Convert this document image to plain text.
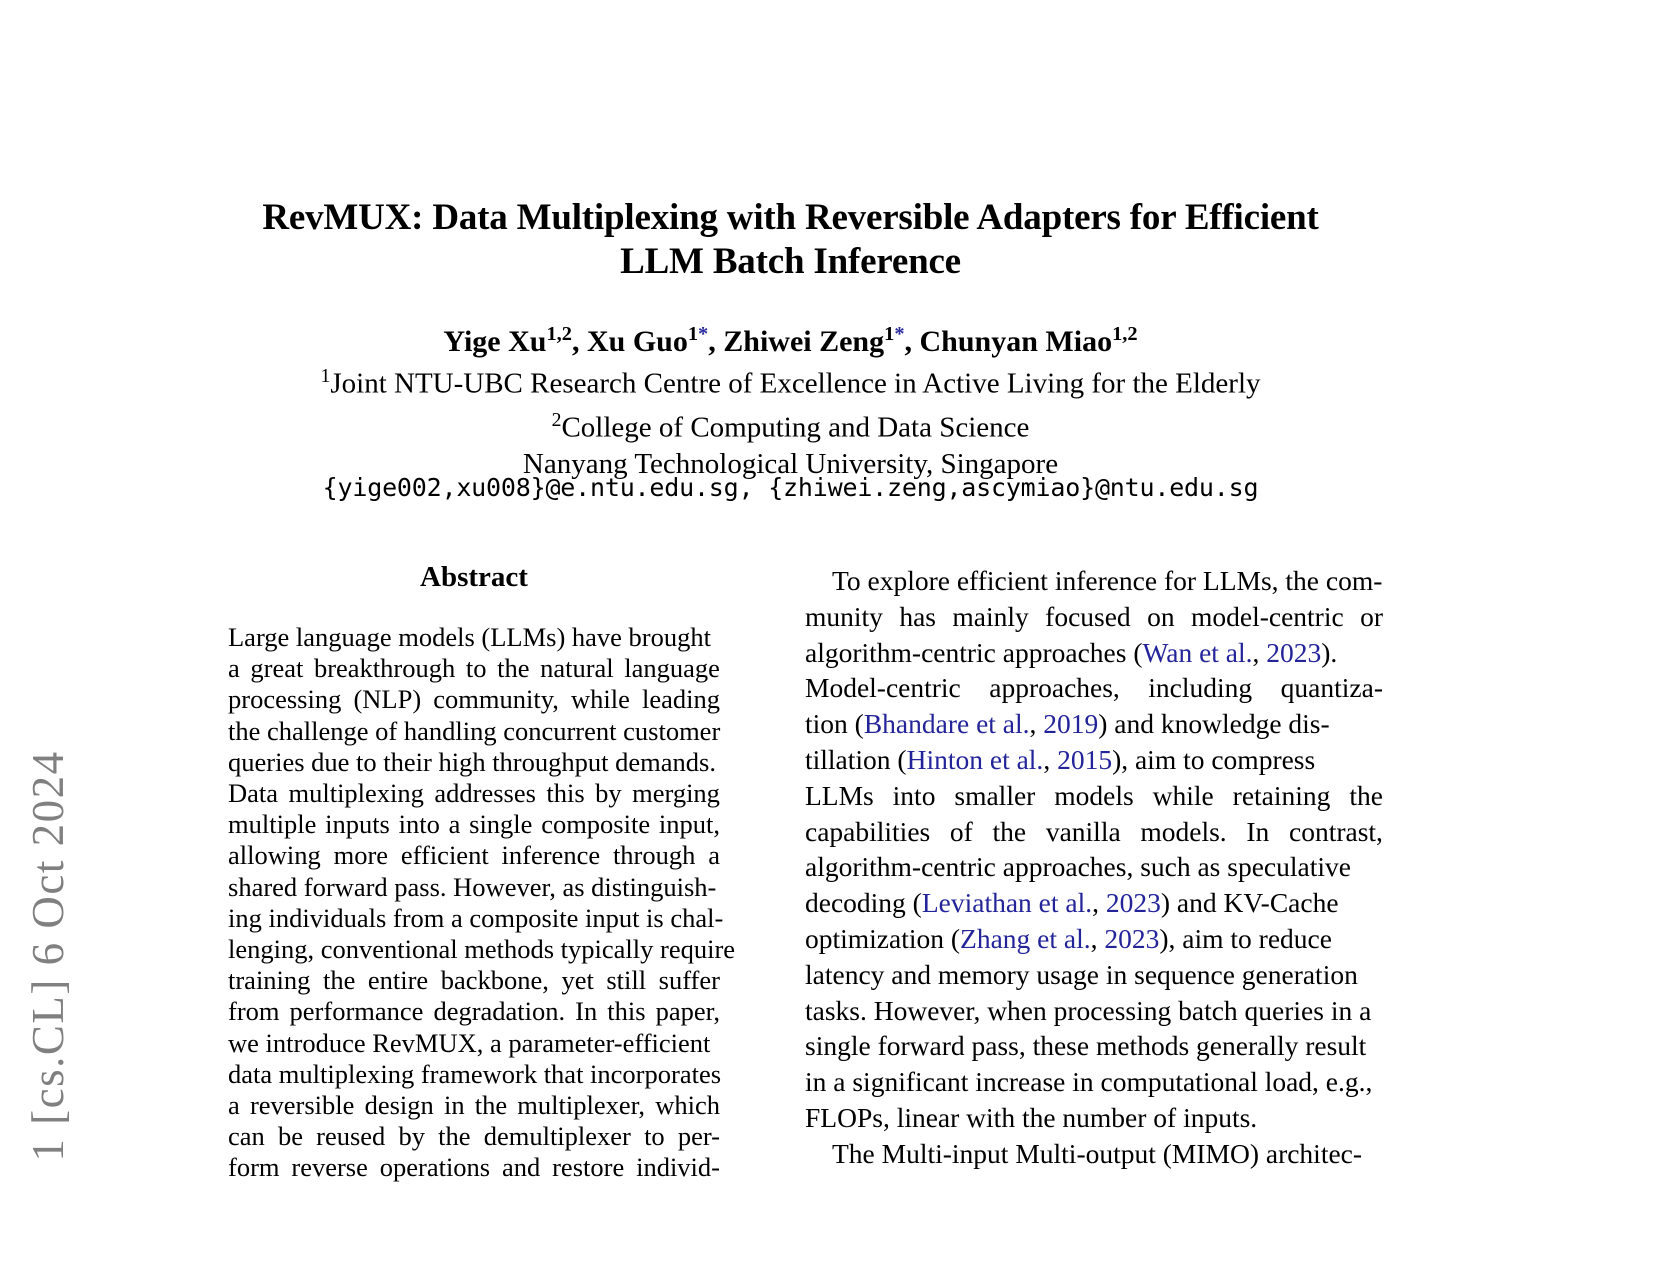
1 [cs.CL] 6 Oct 2024
RevMUX: Data Multiplexing with Reversible Adapters for Efficient
LLM Batch Inference
Yige Xu$^{1,2}$, Xu Guo$^{1*}$, Zhiwei Zeng$^{1*}$, Chunyan Miao$^{1,2}$
$^1$Joint NTU-UBC Research Centre of Excellence in Active Living for the Elderly
$^2$College of Computing and Data Science
Nanyang Technological University, Singapore
{yige002,xu008}@e.ntu.edu.sg, {zhiwei.zeng,ascymiao}@ntu.edu.sg
Abstract
Large language models (LLMs) have brought
a great breakthrough to the natural language
processing (NLP) community, while leading
the challenge of handling concurrent customer
queries due to their high throughput demands.
Data multiplexing addresses this by merging
multiple inputs into a single composite input,
allowing more efficient inference through a
shared forward pass. However, as distinguish-
ing individuals from a composite input is chal-
lenging, conventional methods typically require
training the entire backbone, yet still suffer
from performance degradation. In this paper,
we introduce RevMUX, a parameter-efficient
data multiplexing framework that incorporates
a reversible design in the multiplexer, which
can be reused by the demultiplexer to per-
form reverse operations and restore individ-
To explore efficient inference for LLMs, the com-
munity has mainly focused on model-centric or
algorithm-centric approaches (Wan et al., 2023).
Model-centric approaches, including quantiza-
tion (Bhandare et al., 2019) and knowledge dis-
tillation (Hinton et al., 2015), aim to compress
LLMs into smaller models while retaining the
capabilities of the vanilla models. In contrast,
algorithm-centric approaches, such as speculative
decoding (Leviathan et al., 2023) and KV-Cache
optimization (Zhang et al., 2023), aim to reduce
latency and memory usage in sequence generation
tasks. However, when processing batch queries in a
single forward pass, these methods generally result
in a significant increase in computational load, e.g.,
FLOPs, linear with the number of inputs.
The Multi-input Multi-output (MIMO) architec-
